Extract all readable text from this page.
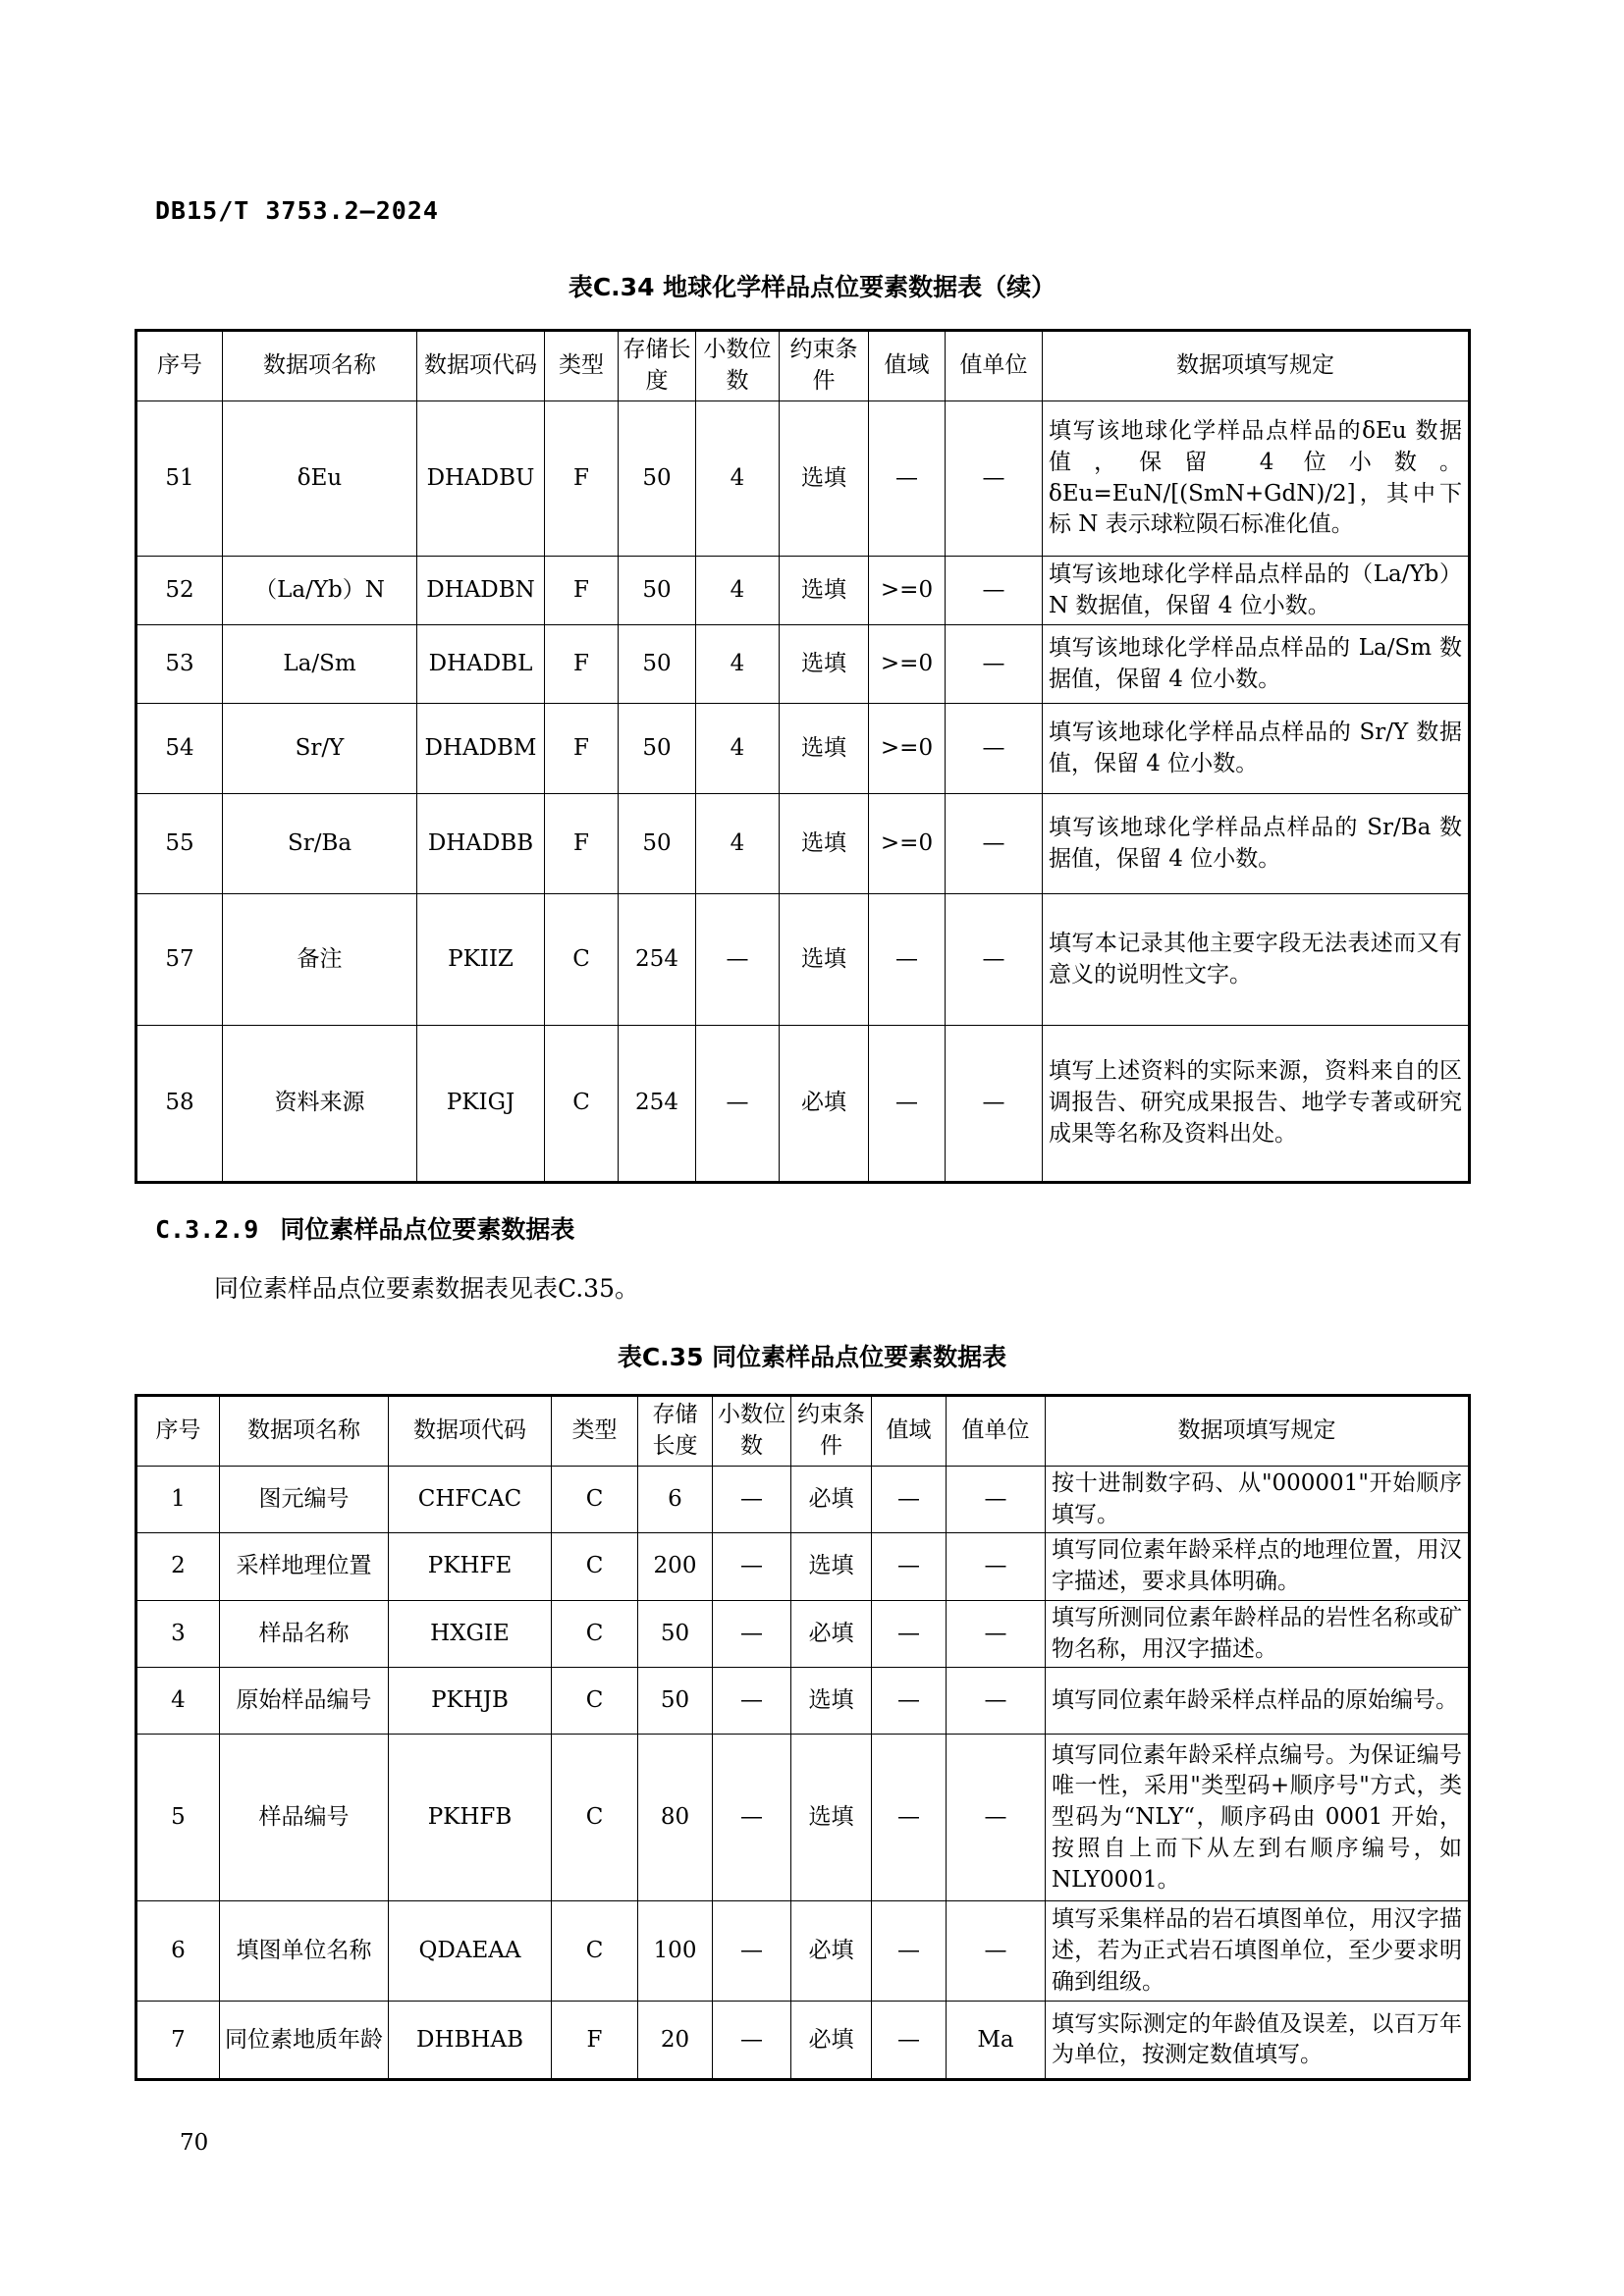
DB15/T 3753.2—2024
表C.34 地球化学样品点位要素数据表（续）
序号	数据项名称	数据项代码	类型	存储长度	小数位数	约束条件	值域	值单位	数据项填写规定
51	δEu	DHADBU	F	50	4	选填	—	—	填写该地球化学样品点样品的δEu 数据值，保留 4 位小数。δEu=EuN/[(SmN+GdN)/2]，其中下标 N 表示球粒陨石标准化值。
52	（La/Yb）N	DHADBN	F	50	4	选填	>=0	—	填写该地球化学样品点样品的（La/Yb）N 数据值，保留 4 位小数。
53	La/Sm	DHADBL	F	50	4	选填	>=0	—	填写该地球化学样品点样品的 La/Sm 数据值，保留 4 位小数。
54	Sr/Y	DHADBM	F	50	4	选填	>=0	—	填写该地球化学样品点样品的 Sr/Y 数据值，保留 4 位小数。
55	Sr/Ba	DHADBB	F	50	4	选填	>=0	—	填写该地球化学样品点样品的 Sr/Ba 数据值，保留 4 位小数。
57	备注	PKIIZ	C	254	—	选填	—	—	填写本记录其他主要字段无法表述而又有意义的说明性文字。
58	资料来源	PKIGJ	C	254	—	必填	—	—	填写上述资料的实际来源，资料来自的区调报告、研究成果报告、地学专著或研究成果等名称及资料出处。
C.3.2.9 同位素样品点位要素数据表
同位素样品点位要素数据表见表C.35。
表C.35 同位素样品点位要素数据表
序号	数据项名称	数据项代码	类型	存储长度	小数位数	约束条件	值域	值单位	数据项填写规定
1	图元编号	CHFCAC	C	6	—	必填	—	—	按十进制数字码、从"000001"开始顺序填写。
2	采样地理位置	PKHFE	C	200	—	选填	—	—	填写同位素年龄采样点的地理位置，用汉字描述，要求具体明确。
3	样品名称	HXGIE	C	50	—	必填	—	—	填写所测同位素年龄样品的岩性名称或矿物名称，用汉字描述。
4	原始样品编号	PKHJB	C	50	—	选填	—	—	填写同位素年龄采样点样品的原始编号。
5	样品编号	PKHFB	C	80	—	选填	—	—	填写同位素年龄采样点编号。为保证编号唯一性，采用"类型码+顺序号"方式，类型码为“NLY“，顺序码由 0001 开始，按照自上而下从左到右顺序编号，如 NLY0001。
6	填图单位名称	QDAEAA	C	100	—	必填	—	—	填写采集样品的岩石填图单位，用汉字描述，若为正式岩石填图单位，至少要求明确到组级。
7	同位素地质年龄	DHBHAB	F	20	—	必填	—	Ma	填写实际测定的年龄值及误差，以百万年为单位，按测定数值填写。
70
